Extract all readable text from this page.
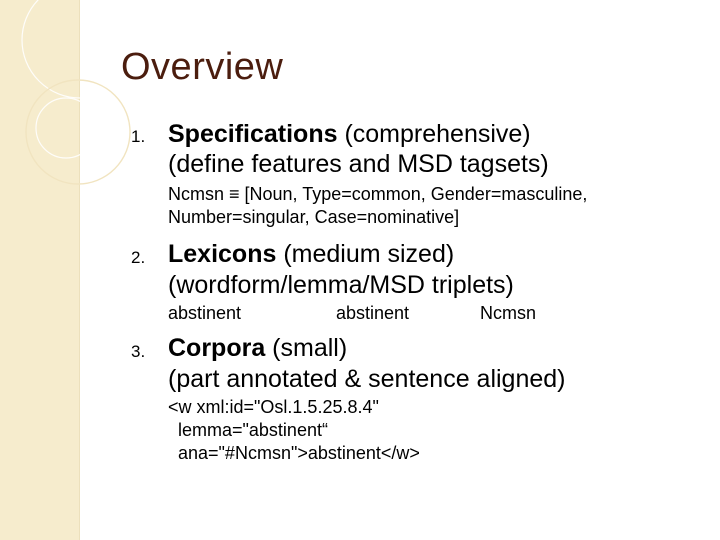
Overview
1. Specifications (comprehensive)
(define features and MSD tagsets)
Ncmsn ≡ [Noun, Type=common, Gender=masculine,
Number=singular, Case=nominative]
2. Lexicons (medium sized)
(wordform/lemma/MSD triplets)
abstinent	abstinent	Ncmsn
3. Corpora (small)
(part annotated & sentence aligned)
<w xml:id="Osl.1.5.25.8.4"
lemma="abstinent“
ana="#Ncmsn">abstinent</w>
